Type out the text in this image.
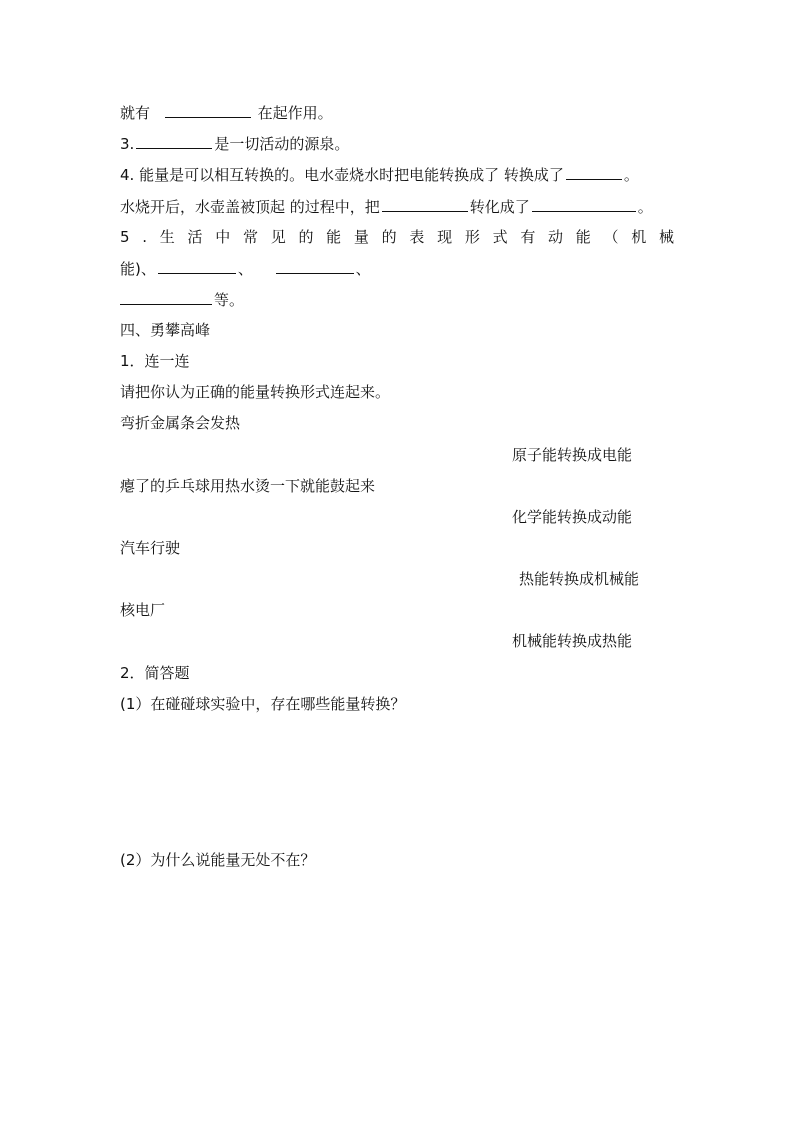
就有	在起作用。
3.	是一切活动的源泉。
4. 能量是可以相互转换的。电水壶烧水时把电能转换成了 转换成了	。
水烧开后，水壶盖被顶起 的过程中，把	转化成了	。
5 . 生 活 中 常 见 的 能 量 的 表 现 形 式 有 动 能 （ 机 械
能)、	、	、
等。
四、勇攀高峰
1．连一连
请把你认为正确的能量转换形式连起来。
弯折金属条会发热
原子能转换成电能
瘪了的乒乓球用热水烫一下就能鼓起来
化学能转换成动能
汽车行驶
热能转换成机械能
核电厂
机械能转换成热能
2．简答题
(1）在碰碰球实验中，存在哪些能量转换？
(2）为什么说能量无处不在？
